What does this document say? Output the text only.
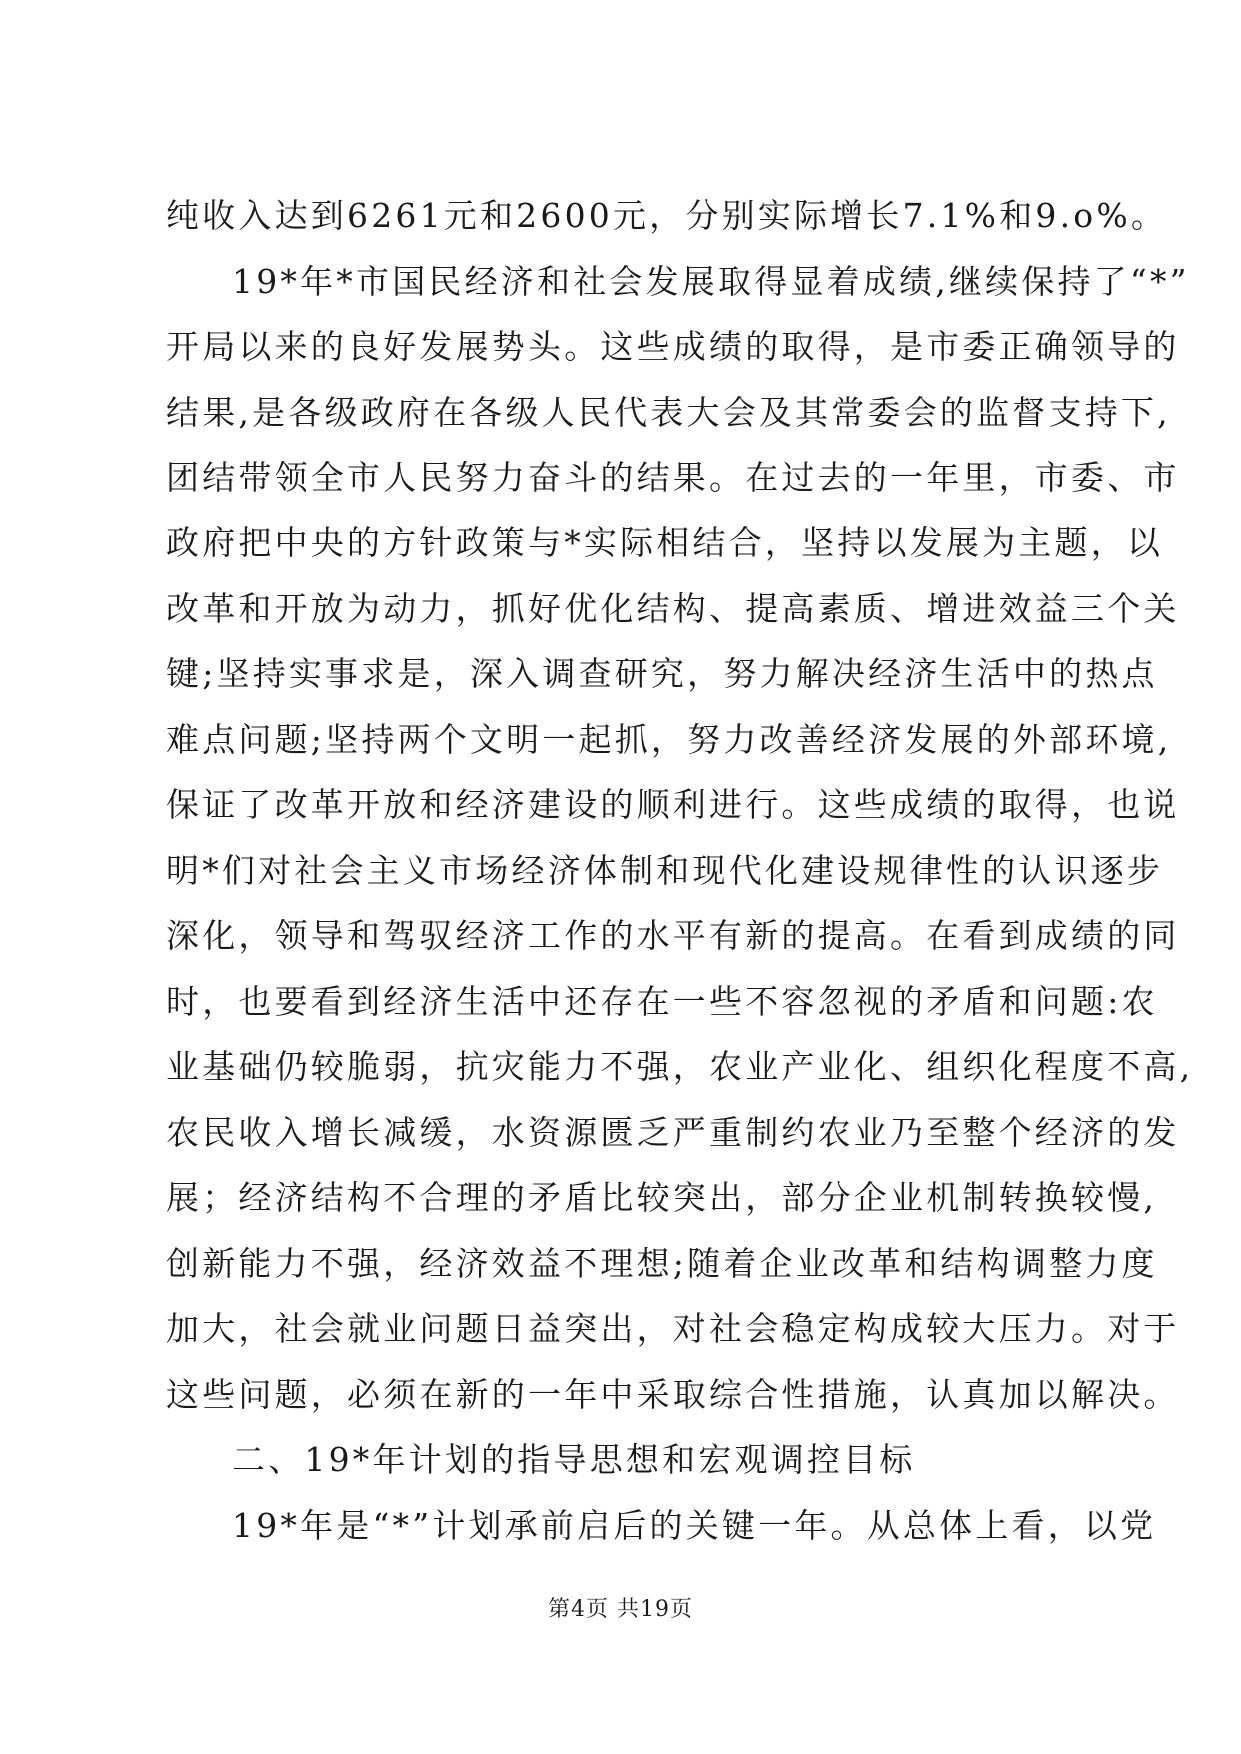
纯收入达到6261元和2600元，分别实际增长7.1%和9.o%。
19*年*市国民经济和社会发展取得显着成绩,继续保持了“*”
开局以来的良好发展势头。这些成绩的取得，是市委正确领导的
结果,是各级政府在各级人民代表大会及其常委会的监督支持下,
团结带领全市人民努力奋斗的结果。在过去的一年里，市委、市
政府把中央的方针政策与*实际相结合，坚持以发展为主题，以
改革和开放为动力，抓好优化结构、提高素质、增进效益三个关
键;坚持实事求是，深入调查研究，努力解决经济生活中的热点
难点问题;坚持两个文明一起抓，努力改善经济发展的外部环境,
保证了改革开放和经济建设的顺利进行。这些成绩的取得，也说
明*们对社会主义市场经济体制和现代化建设规律性的认识逐步
深化，领导和驾驭经济工作的水平有新的提高。在看到成绩的同
时，也要看到经济生活中还存在一些不容忽视的矛盾和问题:农
业基础仍较脆弱，抗灾能力不强，农业产业化、组织化程度不高,
农民收入增长减缓，水资源匮乏严重制约农业乃至整个经济的发
展；经济结构不合理的矛盾比较突出，部分企业机制转换较慢,
创新能力不强，经济效益不理想;随着企业改革和结构调整力度
加大，社会就业问题日益突出，对社会稳定构成较大压力。对于
这些问题，必须在新的一年中采取综合性措施，认真加以解决。
二、19*年计划的指导思想和宏观调控目标
19*年是“*”计划承前启后的关键一年。从总体上看，以党
第4页 共19页
